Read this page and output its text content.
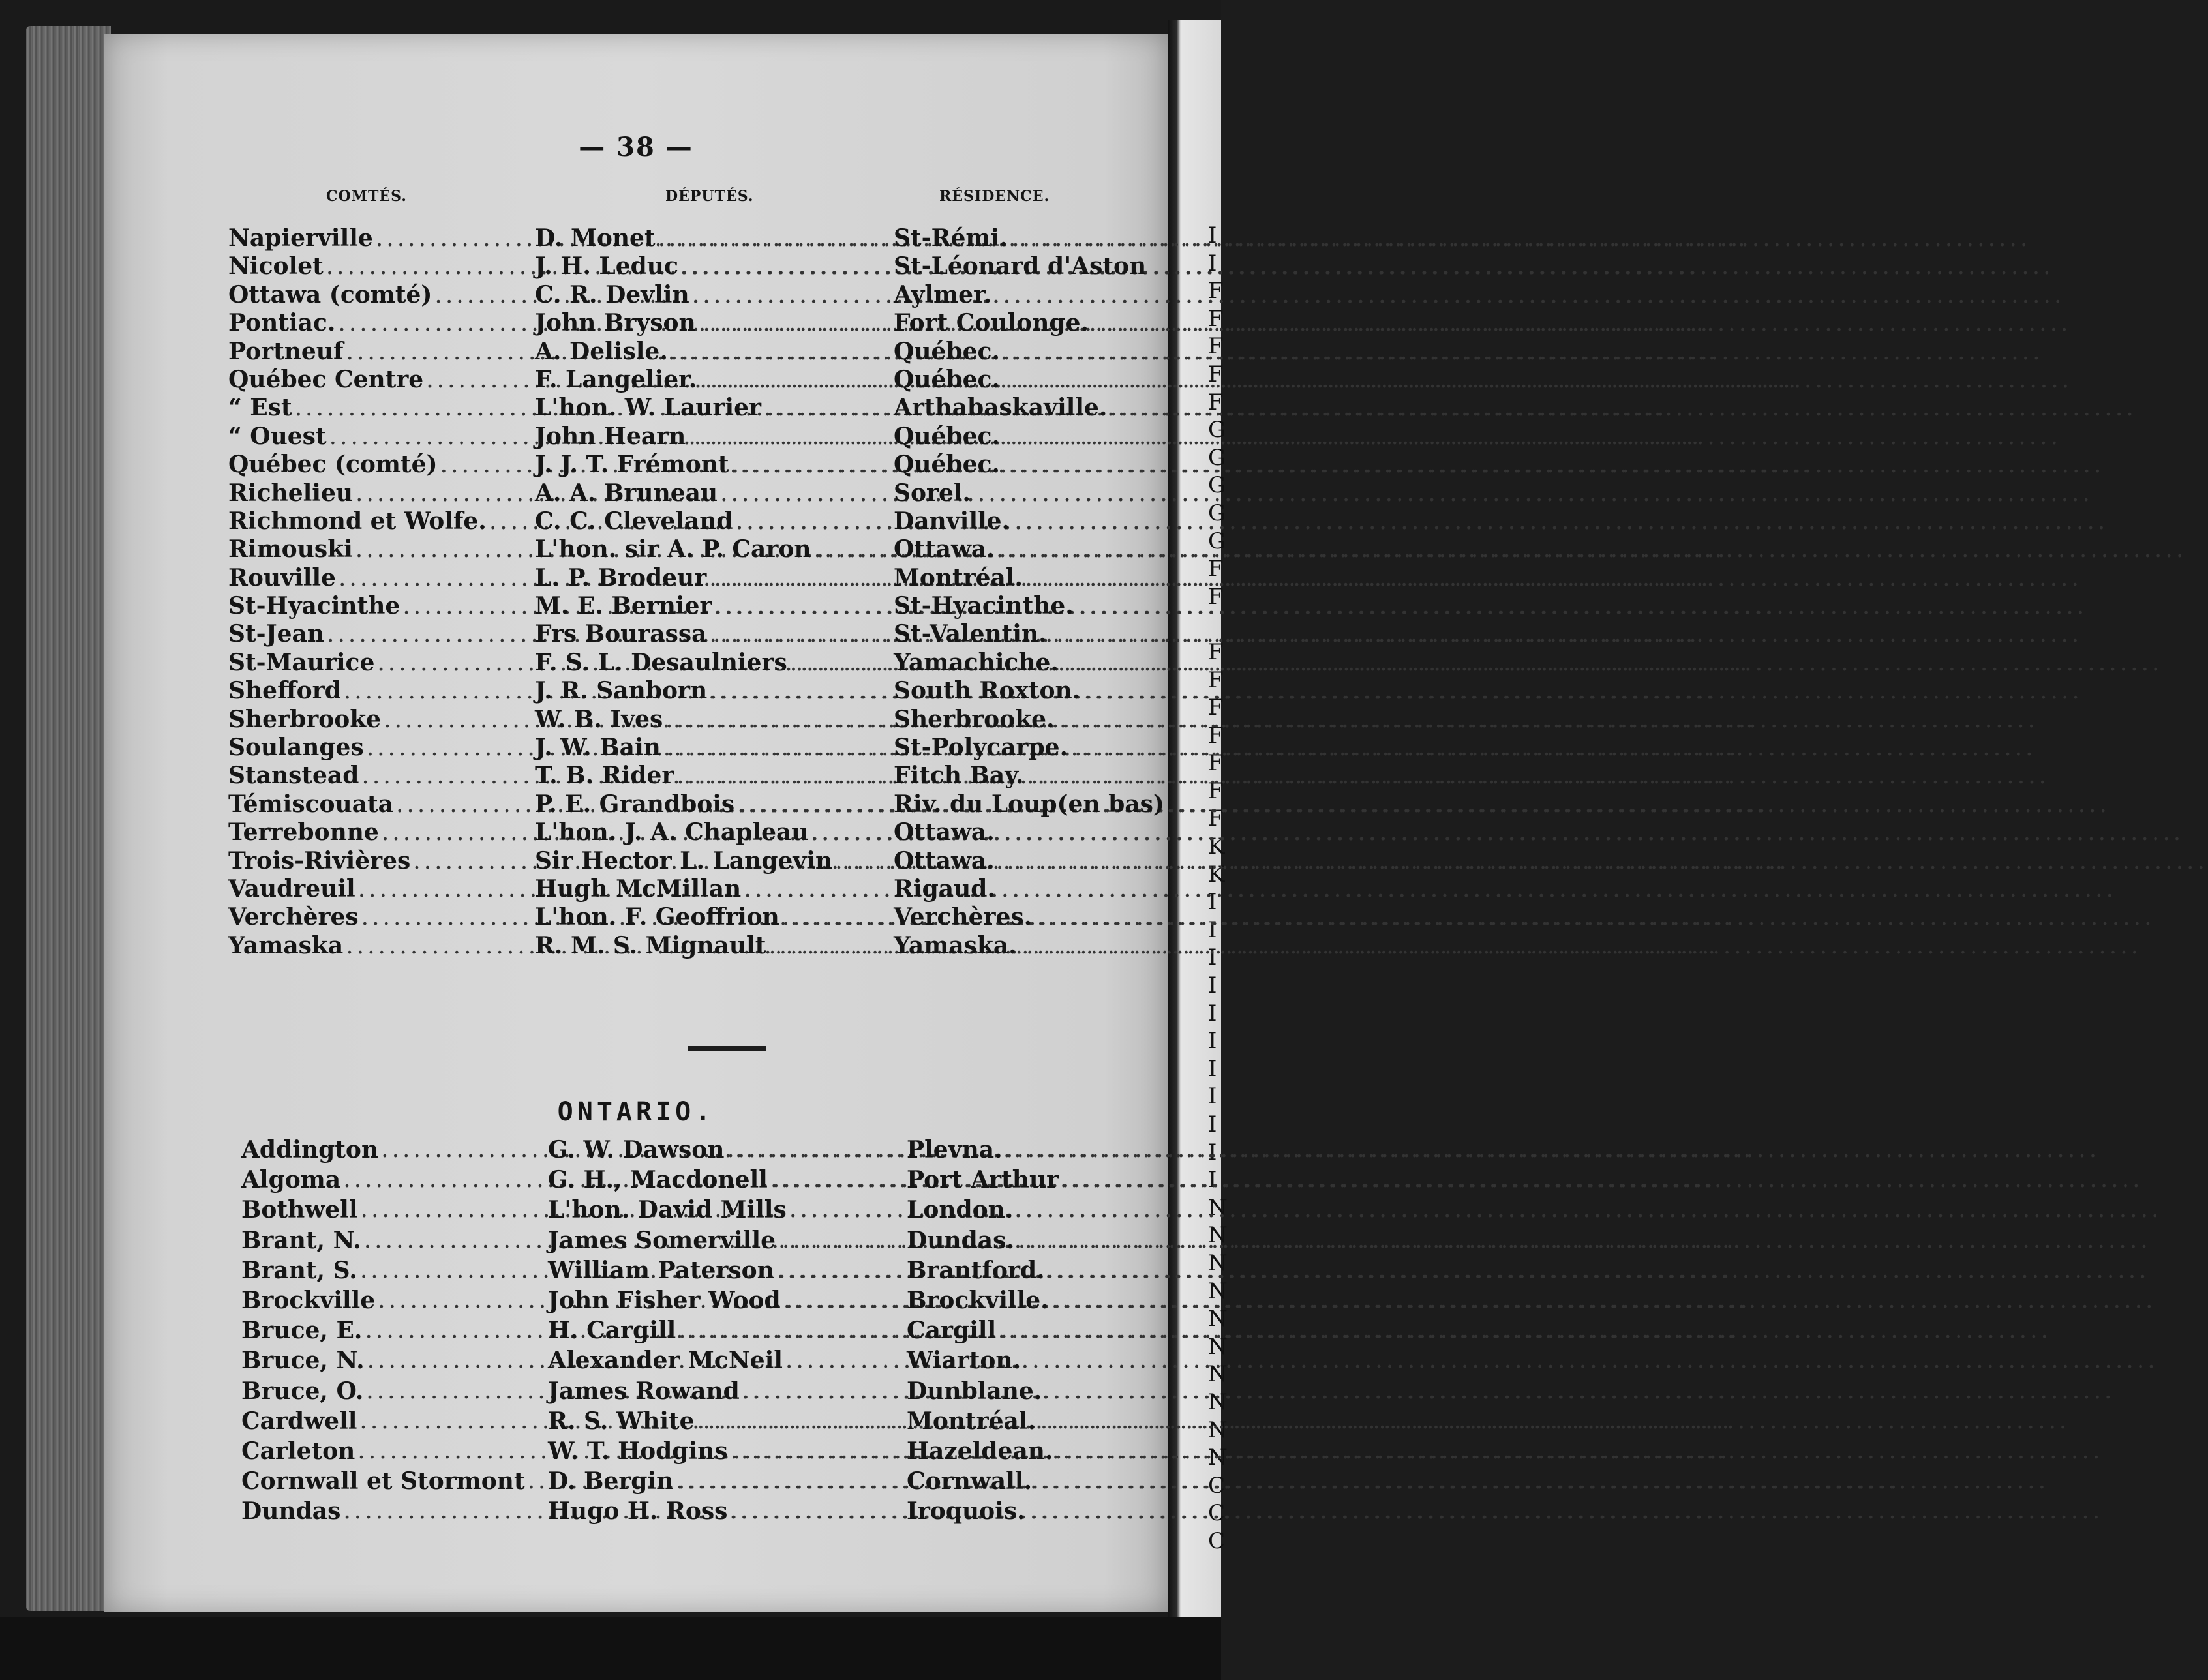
I
I
F
F
F
F
F
G
G
G
G
G
F
F

F
F
F
F
F
F
F
K
K
I
I
I
I
I
I
I
I
I
I
I
N
N
N
N
N
N
N
N
N
N
C
C
C
— 38 —
COMTÉS.	DÉPUTÉS.	RÉSIDENCE.
Napierville .....	D. Monet .....	St-Rémi.
Nicolet .....	J. H. Leduc .....	St-Léonard d'Aston
Ottawa (comté) .....	C. R. Devlin .....	Aylmer.
Pontiac. .....	John Bryson .....	Fort Coulonge.
Portneuf .....	A. Delisle. .....	Québec.
Québec Centre .....	F. Langelier. .....	Québec.
“ Est .....	L'hon. W. Laurier .....	Arthabaskaville.
“ Ouest .....	John Hearn .....	Québec.
Québec (comté) .....	J. J. T. Frémont .....	Québec.
Richelieu .....	A. A. Bruneau .....	Sorel.
Richmond et Wolfe. ..... C. C. Cleveland .....	Danville.
Rimouski .....	L'hon. sir A. P. Caron .....	Ottawa.
Rouville .....	L. P. Brodeur .....	Montréal.
St-Hyacinthe .....	M. E. Bernier .....	St-Hyacinthe.
St-Jean .....	Frs Bourassa .....	St-Valentin.
St-Maurice .....	F. S. L. Desaulniers .....	Yamachiche.
Shefford .....	J. R. Sanborn .....	South Roxton.
Sherbrooke .....	W. B. Ives .....	Sherbrooke.
Soulanges .....	J. W. Bain .....	St-Polycarpe.
Stanstead .....	T. B. Rider .....	Fitch Bay.
Témiscouata .....	P. E. Grandbois .....	Riv. du Loup(en bas)
Terrebonne .....	L'hon. J. A. Chapleau .....	Ottawa.
Trois-Rivières .....	Sir Hector L. Langevin .....	Ottawa.
Vaudreuil .....	Hugh McMillan .....	Rigaud.
Verchères .....	L'hon. F. Geoffrion .....	Verchères.
Yamaska .....	R. M. S. Mignault .....	Yamaska.
ONTARIO.
Addington .....	G. W. Dawson .....	Plevna.
Algoma .....	G. H., Macdonell .....	Port Arthur
Bothwell .....	L'hon. David Mills .....	London.
Brant, N. .....	James Somerville .....	Dundas.
Brant, S. .....	William Paterson .....	Brantford.
Brockville .....	John Fisher Wood .....	Brockville.
Bruce, E. .....	H. Cargill .....	Cargill
Bruce, N. .....	Alexander McNeil .....	Wiarton.
Bruce, O. .....	James Rowand .....	Dunblane.
Cardwell .....	R. S. White .....	Montréal.
Carleton .....	W. T. Hodgins .....	Hazeldean.
Cornwall et Stormont ..... D. Bergin .....	Cornwall.
Dundas .....	Hugo H. Ross .....	Iroquois.
